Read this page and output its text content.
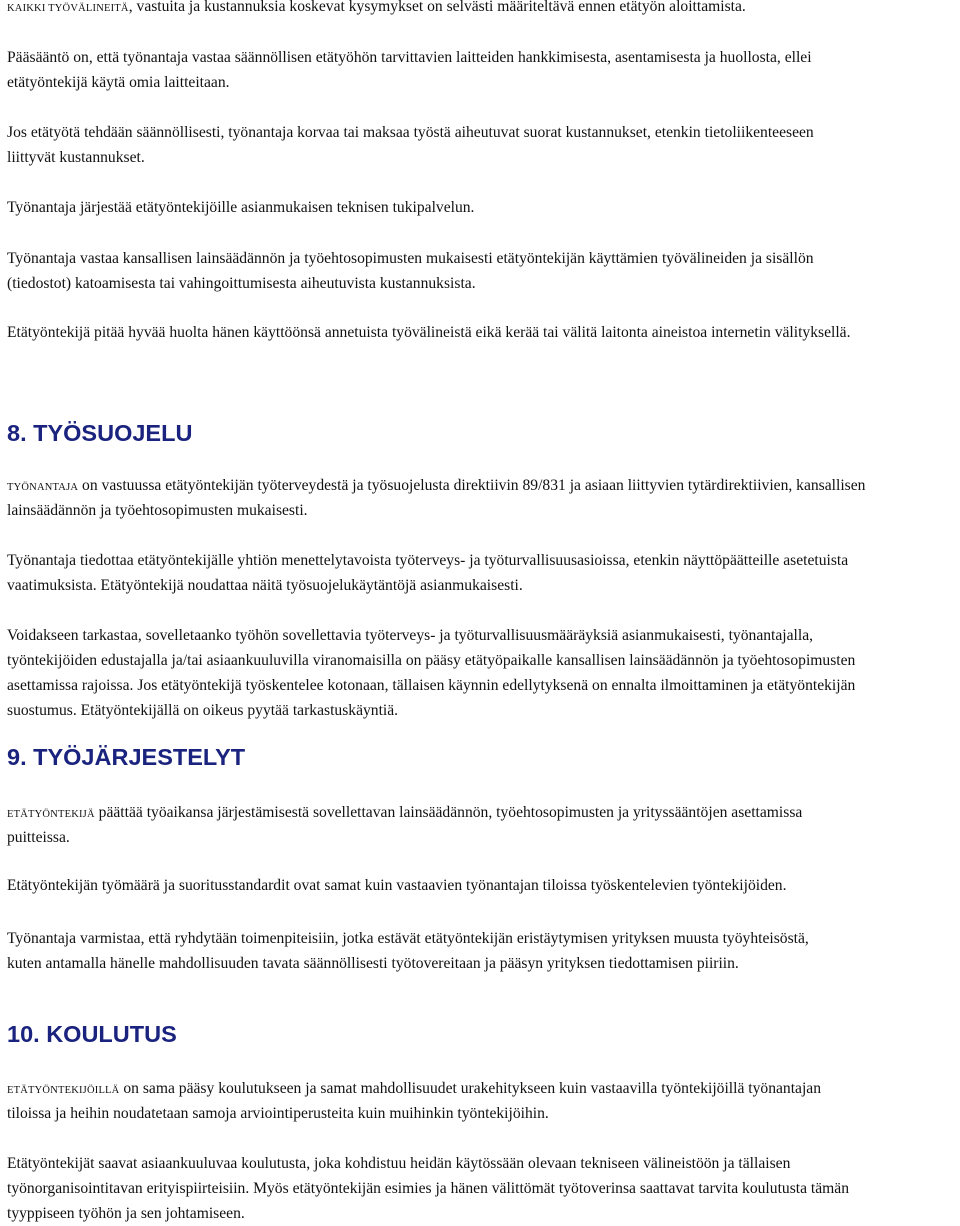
KAIKKI TYÖVÄLINEITÄ, vastuita ja kustannuksia koskevat kysymykset on selvästi määriteltävä ennen etätyön aloittamista.
Pääsääntö on, että työnantaja vastaa säännöllisen etätyöhön tarvittavien laitteiden hankkimisesta, asentamisesta ja huollosta, ellei
etätyöntekijä käytä omia laitteitaan.
Jos etätyötä tehdään säännöllisesti, työnantaja korvaa tai maksaa työstä aiheutuvat suorat kustannukset, etenkin tietoliikenteeseen
liittyvät kustannukset.
Työnantaja järjestää etätyöntekijöille asianmukaisen teknisen tukipalvelun.
Työnantaja vastaa kansallisen lainsäädännön ja työehtosopimusten mukaisesti etätyöntekijän käyttämien työvälineiden ja sisällön
(tiedostot) katoamisesta tai vahingoittumisesta aiheutuvista kustannuksista.
Etätyöntekijä pitää hyvää huolta hänen käyttöönsä annetuista työvälineistä eikä kerää tai välitä laitonta aineistoa internetin välityksellä.
8. TYÖSUOJELU
TYÖNANTAJA on vastuussa etätyöntekijän työterveydestä ja työsuojelusta direktiivin 89/831 ja asiaan liittyvien tytärdirektiivien, kansallisen
lainsäädännön ja työehtosopimusten mukaisesti.
Työnantaja tiedottaa etätyöntekijälle yhtiön menettelytavoista työterveys- ja työturvallisuusasioissa, etenkin näyttöpäätteille asetetuista
vaatimuksista. Etätyöntekijä noudattaa näitä työsuojelukäytäntöjä asianmukaisesti.
Voidakseen tarkastaa, sovelletaanko työhön sovellettavia työterveys- ja työturvallisuusmääräyksiä asianmukaisesti, työnantajalla,
työntekijöiden edustajalla ja/tai asiaankuuluvilla viranomaisilla on pääsy etätyöpaikalle kansallisen lainsäädännön ja työehtosopimusten
asettamissa rajoissa. Jos etätyöntekijä työskentelee kotonaan, tällaisen käynnin edellytyksenä on ennalta ilmoittaminen ja etätyöntekijän
suostumus. Etätyöntekijällä on oikeus pyytää tarkastuskäyntiä.
9. TYÖJÄRJESTELYT
ETÄTYÖNTEKIJÄ päättää työaikansa järjestämisestä sovellettavan lainsäädännön, työehtosopimusten ja yrityssääntöjen asettamissa
puitteissa.
Etätyöntekijän työmäärä ja suoritusstandardit ovat samat kuin vastaavien työnantajan tiloissa työskentelevien työntekijöiden.
Työnantaja varmistaa, että ryhdytään toimenpiteisiin, jotka estävät etätyöntekijän eristäytymisen yrityksen muusta työyhteisöstä,
kuten antamalla hänelle mahdollisuuden tavata säännöllisesti työtovereitaan ja pääsyn yrityksen tiedottamisen piiriin.
10. KOULUTUS
ETÄTYÖNTEKIJÖILLÄ on sama pääsy koulutukseen ja samat mahdollisuudet urakehitykseen kuin vastaavilla työntekijöillä työnantajan
tiloissa ja heihin noudatetaan samoja arviointiperusteita kuin muihinkin työntekijöihin.
Etätyöntekijät saavat asiaankuuluvaa koulutusta, joka kohdistuu heidän käytössään olevaan tekniseen välineistöön ja tällaisen
työnorganisointitavan erityispiirteisiin. Myös etätyöntekijän esimies ja hänen välittömät työtoverinsa saattavat tarvita koulutusta tämän
tyyppiseen työhön ja sen johtamiseen.
